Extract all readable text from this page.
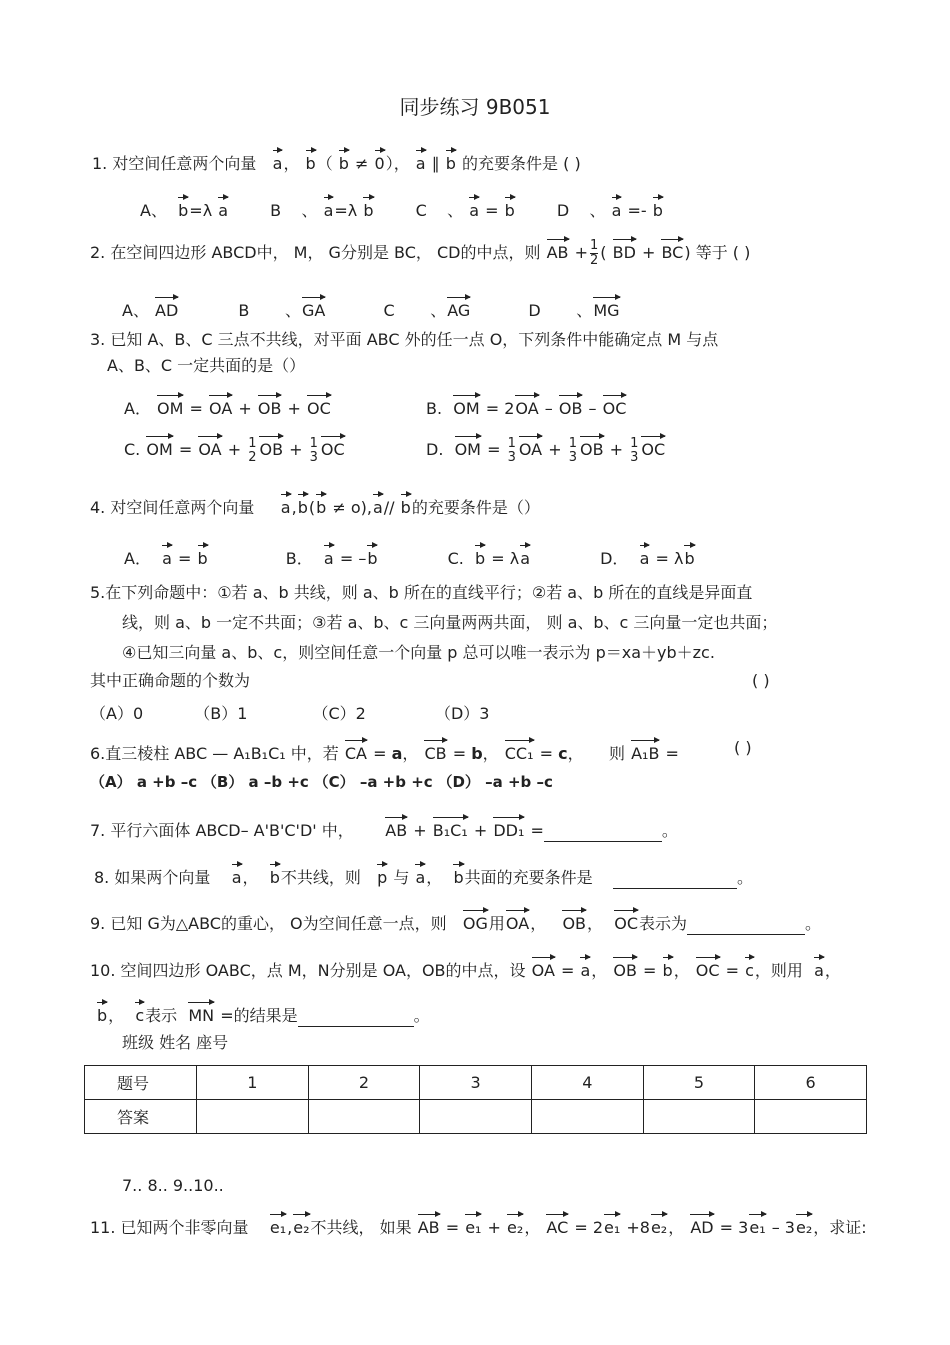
同步练习 9B051
1. 对空间任意两个向量 a， b（ b ≠ 0）， a ∥ b 的充要条件是 ( )
A、 b=λ a	B    、 a=λ b	C    、 a = b	D    、 a =- b
2. 在空间四边形 ABCD中， M， G分别是 BC， CD的中点，则 AB + $\frac{1}{2}$ ( BD + BC) 等于 ( )
A、 AD	B       、GA	C       、AG	D       、MG
3. 已知 A、B、C 三点不共线，对平面 ABC 外的任一点 O，下列条件中能确定点 M 与点
A、B、C 一定共面的是（）
A． OM = OA + OB + OC	B. OM = 2OA – OB – OC
C. OM = OA + 1
2 OB + 1
3 OC	D. OM = 1
3 OA + 1
3 OB + 1
3 OC
4. 对空间任意两个向量 a,b(b ≠ o),a// b的充要条件是（）
A． a = b	B． a = –b	C. b = λa	D． a = λb
5.在下列命题中：①若 a、b 共线，则 a、b 所在的直线平行；②若 a、b 所在的直线是异面直
线，则 a、b 一定不共面；③若 a、b、c 三向量两两共面， 则 a、b、c 三向量一定也共面；
④已知三向量 a、b、c，则空间任意一个向量 p 总可以唯一表示为 p＝xa＋yb＋zc.
其中正确命题的个数为	( )
（A）0	（B）1	（C）2	（D）3
6.直三棱柱 ABC — A₁B₁C₁ 中，若 CA = a， CB = b， CC₁ = c，     则 A₁B =	( )
（A） a +b –c （B） a –b +c （C） –a +b +c （D） –a +b –c
7. 平行六面体 ABCD– A'B'C'D' 中， AB + B₁C₁ + DD₁ =	。
8. 如果两个向量 a，  b不共线，则 p 与 a，  b共面的充要条件是	。
9. 已知 G为△ABC的重心， O为空间任意一点，则 OG用OA，   OB，  OC表示为	。
10. 空间四边形 OABC，点 M，N分别是 OA，OB的中点，设 OA = a， OB = b， OC = c，则用 a，
b，  c表示 MN =的结果是	。
班级 姓名 座号
题号	1	2	3	4	5	6
答案						
7.. 8.. 9..10..
11. 已知两个非零向量 e₁,e₂不共线， 如果 AB = e₁ + e₂， AC = 2e₁ +8e₂， AD = 3e₁ – 3e₂，求证:
